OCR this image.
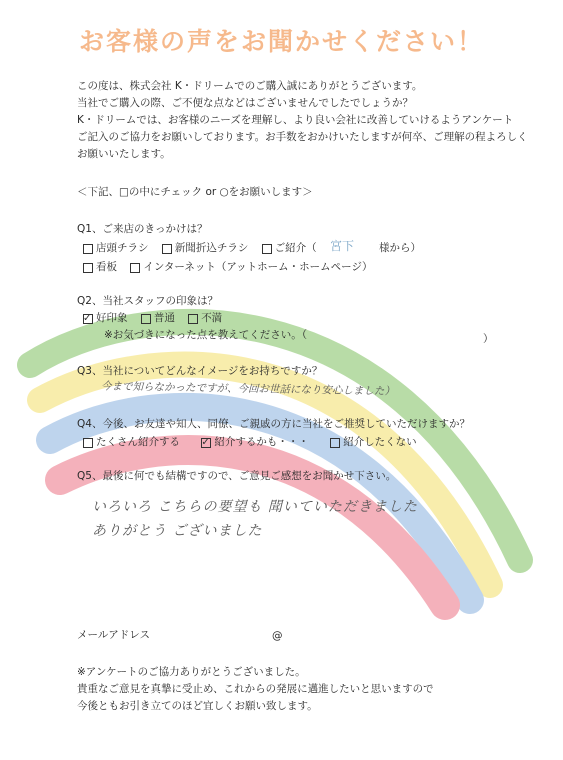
お客様の声をお聞かせください！
この度は、株式会社 K・ドリームでのご購入誠にありがとうございます。
当社でご購入の際、ご不便な点などはございませんでしたでしょうか？
K・ドリームでは、お客様のニーズを理解し、より良い会社に改善していけるようアンケート
ご記入のご協力をお願いしております。お手数をおかけいたしますが何卒、ご理解の程よろしく
お願いいたします。
＜下記、□の中にチェック or ○をお願いします＞
Q1、ご来店のきっかけは？
店頭チラシ
	新聞折込チラシ
	ご紹介（ 宮下 様から）
看板
	インターネット（アットホーム・ホームページ）
Q2、当社スタッフの印象は？
✓
好印象
	普通
	不満
※お気づきになった点を教えてください。（	）
Q3、当社についてどんなイメージをお持ちですか？
今まで知らなかったですが、今回お世話になり安心しました）
Q4、今後、お友達や知人、同僚、ご親戚の方に当社をご推奨していただけますか？
たくさん紹介する

✓	紹介するかも・・・
	紹介したくない
Q5、最後に何でも結構ですので、ご意見ご感想をお聞かせ下さい。
いろいろ こちらの要望も 聞いていただきました
ありがとう ございました
メールアドレス	@
※アンケートのご協力ありがとうございました。
貴重なご意見を真摯に受止め、これからの発展に邁進したいと思いますので
今後ともお引き立てのほど宜しくお願い致します。
